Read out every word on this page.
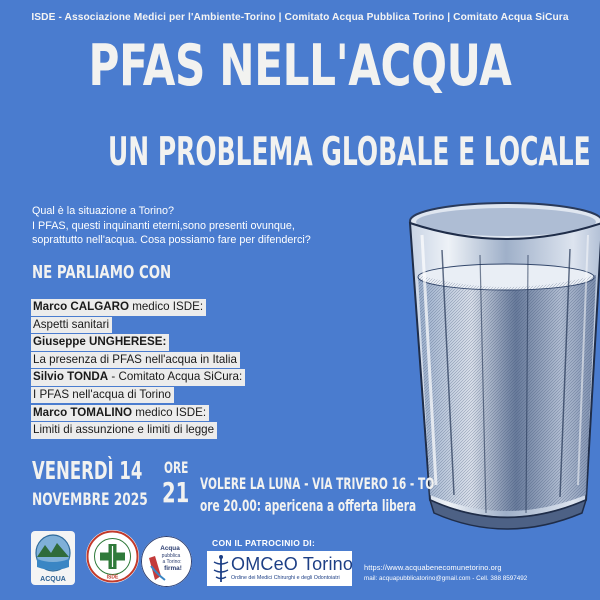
ISDE - Associazione Medici per l'Ambiente-Torino | Comitato Acqua Pubblica Torino | Comitato Acqua SiCura
PFAS NELL'ACQUA
UN PROBLEMA GLOBALE E LOCALE
Qual è la situazione a Torino?
I PFAS, questi inquinanti eterni,sono presenti ovunque,
soprattutto nell'acqua. Cosa possiamo fare per difenderci?
NE PARLIAMO CON
Marco CALGARO medico ISDE:
Aspetti sanitari
Giuseppe UNGHERESE:
La presenza di PFAS nell'acqua in Italia
Silvio TONDA - Comitato Acqua SiCura:
I PFAS nell'acqua di Torino
Marco TOMALINO medico ISDE:
Limiti di assunzione e limiti di legge
VENERDÌ 14
NOVEMBRE 2025
ORE
21 VOLERE LA LUNA - VIA TRIVERO 16 - TO
ore 20.00: apericena a offerta libera
ACQUA	ISDE
Acqua
pubblica
a Torino:
firma!
CON IL PATROCINIO DI:
OMCeO Torino
Ordine dei Medici Chirurghi e degli Odontoiatri
https://www.acquabenecomunetorino.org
mail: acquapubblicatorino@gmail.com - Cell. 388 8597492
